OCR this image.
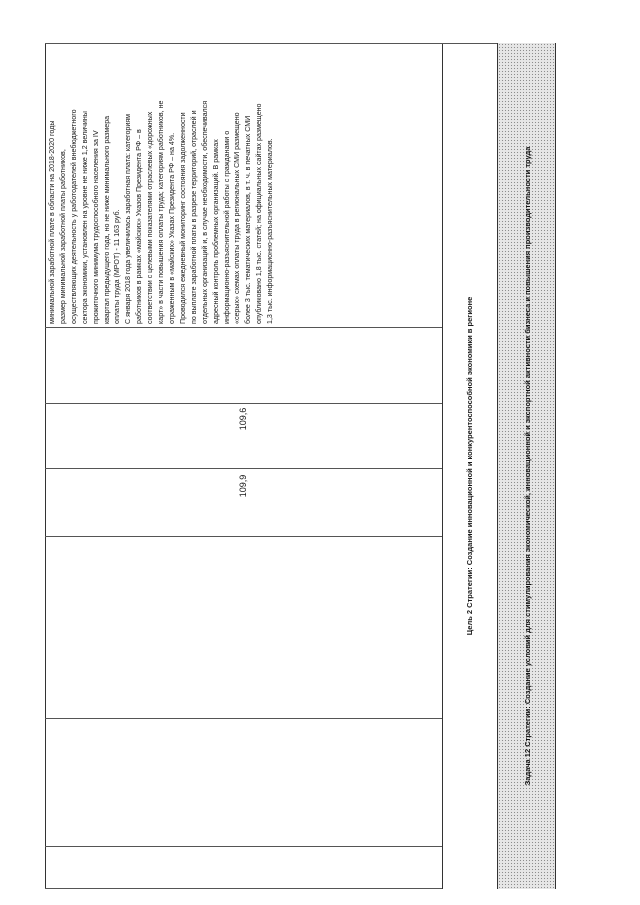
109,9
109,6
минимальной заработной плате в области на 2018-2020 годы
размер минимальной заработной платы работников,
осуществляющих деятельность у работодателей внебюджетного
сектора экономики, установлен на уровне не ниже 1,2 величины
прожиточного минимума трудоспособного населения за IV
квартал предыдущего года, но не ниже минимального размера
оплаты труда (МРОТ) - 11 163 руб.
С января 2018 года увеличилась заработная плата: категориям
работников в рамках «майских» Указов Президента РФ – в
соответствии с целевыми показателями отраслевых «дорожных
карт» в части повышения оплаты труда; категориям работников, не
отраженным в «майских» Указах Президента РФ – на 4%.
Проводился ежедневный мониторинг состояния задолженности
по выплате заработной платы в разрезе территорий, отраслей и
отдельных организаций и, в случае необходимости, обеспечивался
адресный контроль проблемных организаций. В рамках
информационно-разъяснительной работы с гражданами о
«серых» схемах оплаты труда в региональных СМИ размещено
более 3 тыс. тематических материалов, в т. ч. в печатных СМИ
опубликовано 1,8 тыс. статей; на официальных сайтах размещено
1,3 тыс. информационно-разъяснительных материалов.
Цель 2 Стратегии: Создание инновационной и конкурентоспособной экономики в регионе	Задача 12 Стратегии: Создание условий для стимулирования экономической, инновационной и экспортной активности бизнеса и повышения производительности труда
